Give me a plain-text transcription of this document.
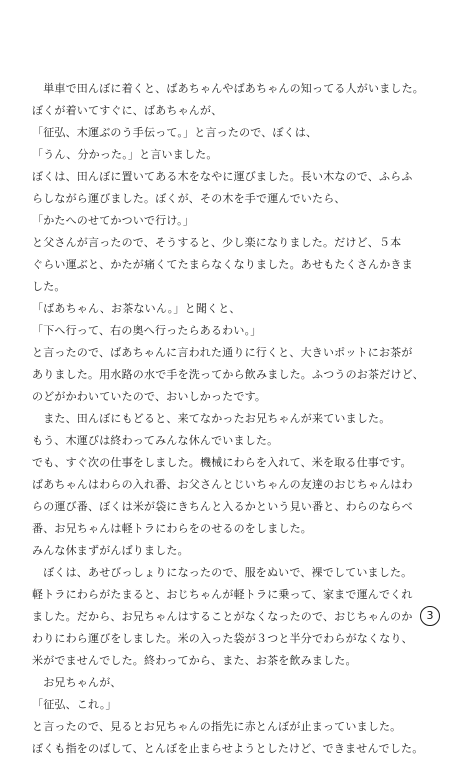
　単車で田んぼに着くと、ばあちゃんやばあちゃんの知ってる人がいました。
ぼくが着いてすぐに、ばあちゃんが、
「征弘、木運ぶのう手伝って。」と言ったので、ぼくは、
「うん、分かった。」と言いました。
ぼくは、田んぼに置いてある木をなやに運びました。長い木なので、ふらふ
らしながら運びました。ぼくが、その木を手で運んでいたら、
「かたへのせてかついで行け。」
と父さんが言ったので、そうすると、少し楽になりました。だけど、５本
ぐらい運ぶと、かたが痛くてたまらなくなりました。あせもたくさんかきま
した。
「ばあちゃん、お茶ないん。」と聞くと、
「下へ行って、右の奥へ行ったらあるわい。」
と言ったので、ばあちゃんに言われた通りに行くと、大きいポットにお茶が
ありました。用水路の水で手を洗ってから飲みました。ふつうのお茶だけど、
のどがかわいていたので、おいしかったです。
　また、田んぼにもどると、来てなかったお兄ちゃんが来ていました。
もう、木運びは終わってみんな休んでいました。
でも、すぐ次の仕事をしました。機械にわらを入れて、米を取る仕事です。
ばあちゃんはわらの入れ番、お父さんとじいちゃんの友達のおじちゃんはわ
らの運び番、ぼくは米が袋にきちんと入るかという見い番と、わらのならべ
番、お兄ちゃんは軽トラにわらをのせるのをしました。
みんな休まずがんばりました。
　ぼくは、あせびっしょりになったので、服をぬいで、裸でしていました。
軽トラにわらがたまると、おじちゃんが軽トラに乗って、家まで運んでくれ
ました。だから、お兄ちゃんはすることがなくなったので、おじちゃんのか
わりにわら運びをしました。米の入った袋が３つと半分でわらがなくなり、
米がでませんでした。終わってから、また、お茶を飲みました。
　お兄ちゃんが、
「征弘、これ。」
と言ったので、見るとお兄ちゃんの指先に赤とんぼが止まっていました。
ぼくも指をのばして、とんぼを止まらせようとしたけど、できませんでした。
3
